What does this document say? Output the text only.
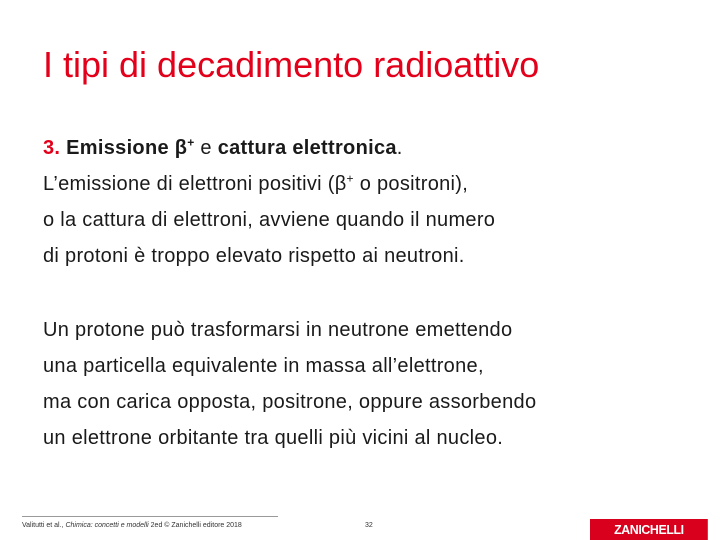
I tipi di decadimento radioattivo
3. Emissione β+ e cattura elettronica.
L’emissione di elettroni positivi (β+ o positroni),
o la cattura di elettroni, avviene quando il numero
di protoni è troppo elevato rispetto ai neutroni.
Un protone può trasformarsi in neutrone emettendo
una particella equivalente in massa all’elettrone,
ma con carica opposta, positrone, oppure assorbendo
un elettrone orbitante tra quelli più vicini al nucleo.
Valitutti et al., Chimica: concetti e modelli 2ed © Zanichelli editore 2018	32	ZANICHELLI
